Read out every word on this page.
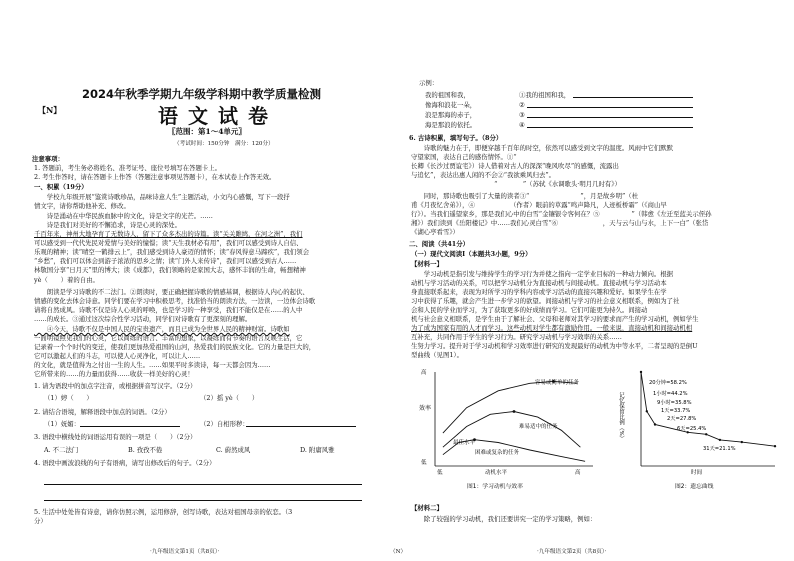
2024年秋季学期九年级学科期中教学质量检测
【N】	语文试卷
〖范围：第1～4单元〗
（考试时间：150分钟　满分：120分）
注意事项：
1. 答题前，考生务必将姓名、准考证号、座位号填写在答题卡上。
2. 考生作答时，请在答题卡上作答（答题注意事项见答题卡），在本试卷上作答无效。
一、积累（19分）
　　学校九年级开展“鉴赏诗歌珍品，品味诗意人生”主题活动，小文内心感慨，写下一段抒
情文字，请你帮助他补充、修改。
　　诗是涌动在中华民族血脉中的文化，诗是文字的光芒。……
　　诗是我们对美好的不懈追求，诗是心灵的深处。
千百年来，神州大地孕育了无数诗人，留下了众多杰出的诗篇。读“关关雎鸠，在河之洲”，我们
可以感受到一代代先民对爱情与美好的憧憬；读“天生我材必有用”，我们可以感受到诗人自信、
乐观的精神；读“晴空一鹤排云上”，我们感受到诗人豪迈的情怀；读“春风得意马蹄疾”，我们领会
“乡愁”，我们可以体会到游子浓浓的思乡之情；读“门外人来传诗”，我们可以感受到古人……
林敬国分享“日月天”里的博大；读《成都》，我们领略的是家国大志，感怀丰润的生命，畅想精神
yè（　　）着的自由。
　　朗读是学习诗歌的不二法门。②朗读时，要正确把握诗歌的情感基调，根据诗人内心的起伏、
情感的变化去体会诗意。同学们要在学习中积极思考，找准恰当的朗读方法，一边读，一边体会诗歌
请将自然成风。诗歌不仅是诗人心灵的呼唤，也是学习的一种享受，我们不能仅是在……的人中
……的成长。③通过这次综合性学习活动，同学们对诗歌有了更深刻的理解。
　　④今天，诗歌不仅是中国人民的宝贵遗产，而且已成为全世界人民的精神财富。诗歌如
一面明镜照见我们的心灵，它以简练的语言、丰富的想象，以凝练而有节奏的语言反映生活，它
记录着一个个时代的变迁，使我们更加热爱祖国的山河，热爱我们的民族文化。它的力量是巨大的，
它可以激起人们的斗志，可以使人心灵净化，可以让人……
的文化，就是值得为之付出一生的人生。……如果平时多读诗，每一天都会因为……
它所带来的……的力量而获得……收获一样美好的心灵！
1. 请为语段中的加点字注音，或根据拼音写汉字。（2分）
（1）婷（　　）	（2）摇 yè（　　）
2. 请结合语境，解释语段中加点的词语。（2分）
（1）妩媚：	（2）自相形秽：
3. 语段中横线处的词语运用有误的一项是（　　）（2分）
A. 不二法门	B. 孜孜不倦	C. 蔚然成风	D. 附庸风雅
4. 语段中画波浪线的句子有语病，请写出修改后的句子。（2分）
5. 生活中处处皆有诗意，请你仿照示例，运用修辞，创写诗歌，表达对祖国母亲的依恋。（3
分）
·九年级语文第1页（共8页）·	（N）
示例：
我的祖国和我，
像海和浪花一朵，
浪是那海的赤子，
海是那浪的依托。
①我的祖国和我，
②
③
④
6. 古诗积累，填写句子。（8分）
　　诗歌的魅力在于，即便穿越千百年的时空，依然可以感受到文字的温度。风雨中它们默默
守望家国，表达自己的感伤情怀。①“
长卿《长沙过贾谊宅》）诗人借着对古人的深深“晚风吹尽”的感慨，流露出
与追忆”，表达出惠人闲的不会②“我欲乘风归去”。
　　　　　　　　　　　　　“　　　　”（苏轼《水调歌头·明月几时有》）
　　同时，那诗歌也吸引了大量的读者③“　　　　　　　　”，月是故乡明”（杜
甫《月夜忆舍弟》），④　　　　　　（作者）眼前的草露“鸣声降凡，人迹板桥霜”（《商山早
行》）。当我们遥望家乡，那是我们心中的白雪“金镶银令客何在？⑤　　　　　”（韩愈《左迁至蓝关示侄孙
湘》）我们读到《岳阳楼记》中……我们心灵白雪“⑥　　　　　　　，天与云与山与水，上下一白”（张岱
《湖心亭看雪》）
二、阅读（共41分）
（一）现代文阅读Ⅰ（本题共3小题，9分）
【材料一】
　　学习动机是指引发与维持学生的学习行为并使之指向一定学业目标的一种动力倾向。根据
动机与学习活动的关系，可以把学习动机分为直接动机与间接动机。直接动机与学习活动本
身直接联系起来，表现为对所学习的学科内容或学习活动的直接兴趣和爱好。如果学生在学
习中获得了乐趣，就会产生进一步学习的欲望。间接动机与学习的社会意义相联系，例如为了社
会和人民的学业而学习，为了获取更多的好成绩而学习。它们可能更为持久。间接动
机与社会意义相联系，是学生由于了解社会、父母和老师对其学习的要求而产生的学习动机，例如学生
为了成为国家有用的人才而学习。这些动机对学生都有激励作用。一般来说，直接动机和间接动机相
互补充，共同作用于学生的学习行为。研究学习动机与学习效率的关系……
生努力学习。提升对于学习动机和学习效率进行研究的发现最好的动机为中等水平，二者呈现的是倒U
型曲线（见图1）。
效率
高
低
低	高
动机水平
图1：学习动机与效率
容易或简单的任务
难易适中的任务
困难或复杂的任务
最佳水平
记忆保留比例（%）
时间
图2：遗忘曲线
20分钟=58.2%
1小时=44.2%
9小时=35.8%
1天=33.7%
2天=27.8%
6天=25.4%
31天=21.1%
【材料二】
　　除了较强的学习动机，我们还要讲究一定的学习策略，例如：
·九年级语文第2页（共8页）·
